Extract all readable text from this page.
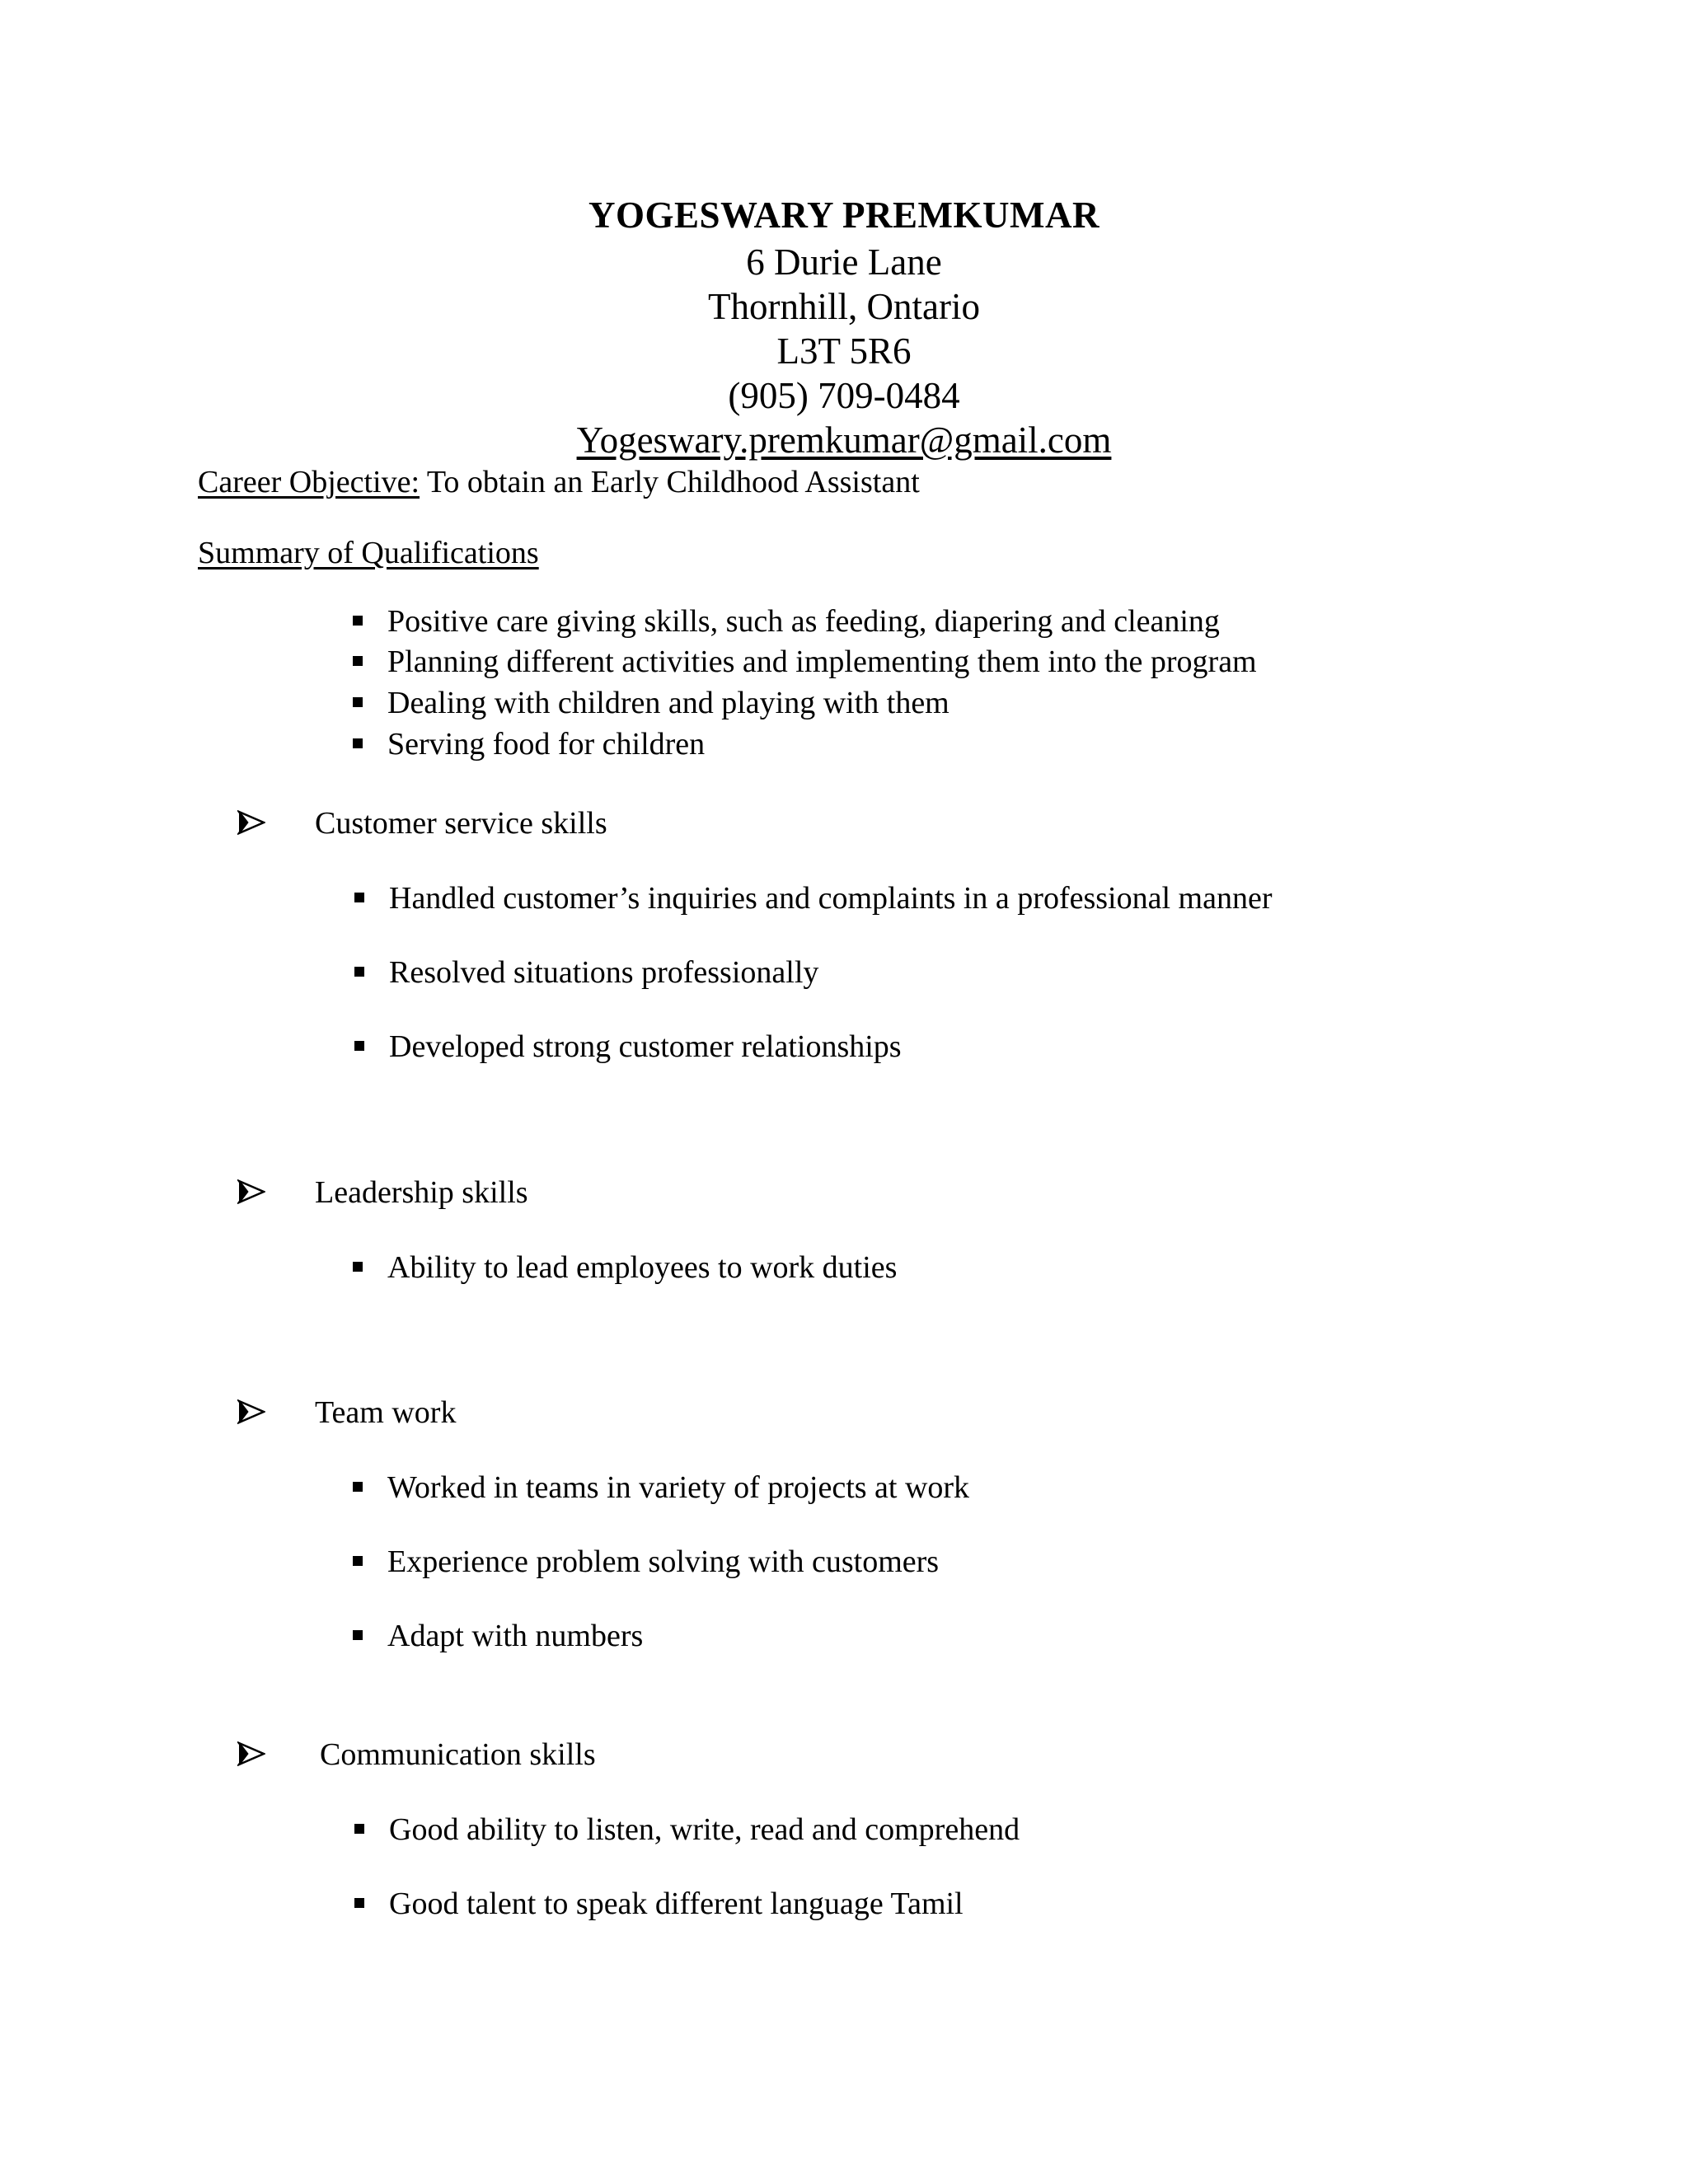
YOGESWARY PREMKUMAR
6 Durie Lane
Thornhill, Ontario
L3T 5R6
(905) 709-0484
Yogeswary.premkumar@gmail.com
Career Objective: To obtain an Early Childhood Assistant
Summary of Qualifications
Positive care giving skills, such as feeding, diapering and cleaning
Planning different activities and implementing them into the program
Dealing with children and playing with them
Serving food for children
Customer service skills
Handled customer’s inquiries and complaints in a professional manner
Resolved situations professionally
Developed strong customer relationships
Leadership skills
Ability to lead employees to work duties
Team work
Worked in teams in variety of projects at work
Experience problem solving with customers
Adapt with numbers
Communication skills
Good ability to listen, write, read and comprehend
Good talent to speak different language Tamil
